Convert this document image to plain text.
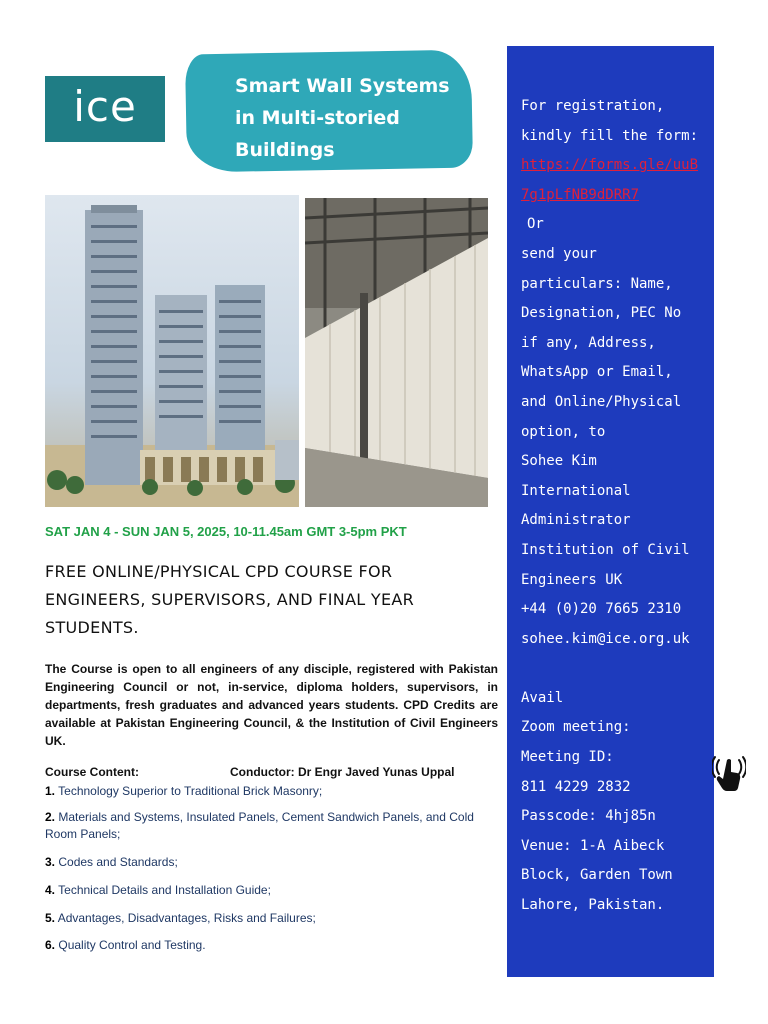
ice	Smart Wall Systems
in Multi-storied
Buildings
SAT JAN 4 - SUN JAN 5, 2025, 10-11.45am GMT 3-5pm PKT
FREE ONLINE/PHYSICAL CPD COURSE FOR ENGINEERS, SUPERVISORS, AND FINAL YEAR STUDENTS.
The Course is open to all engineers of any disciple, registered with Pakistan Engineering Council or not, in-service, diploma holders, supervisors, in departments, fresh graduates and advanced years students. CPD Credits are available at Pakistan Engineering Council, & the Institution of Civil Engineers UK.
Course Content:	Conductor: Dr Engr Javed Yunas Uppal
1. Technology Superior to Traditional Brick Masonry;
2. Materials and Systems, Insulated Panels, Cement Sandwich Panels, and Cold Room Panels;
3. Codes and Standards;
4. Technical Details and Installation Guide;
5. Advantages, Disadvantages, Risks and Failures;
6. Quality Control and Testing.
For registration, kindly fill the form:
https://forms.gle/uuB7g1pLfNB9dDRR7
Or
send your particulars: Name, Designation, PEC No if any, Address, WhatsApp or Email, and Online/Physical option, to
Sohee Kim
International Administrator
Institution of Civil Engineers UK
+44 (0)20 7665 2310
sohee.kim@ice.org.uk
Avail
Zoom meeting:
Meeting ID:
811 4229 2832
Passcode: 4hj85n
Venue: 1-A Aibeck Block, Garden Town Lahore, Pakistan.
